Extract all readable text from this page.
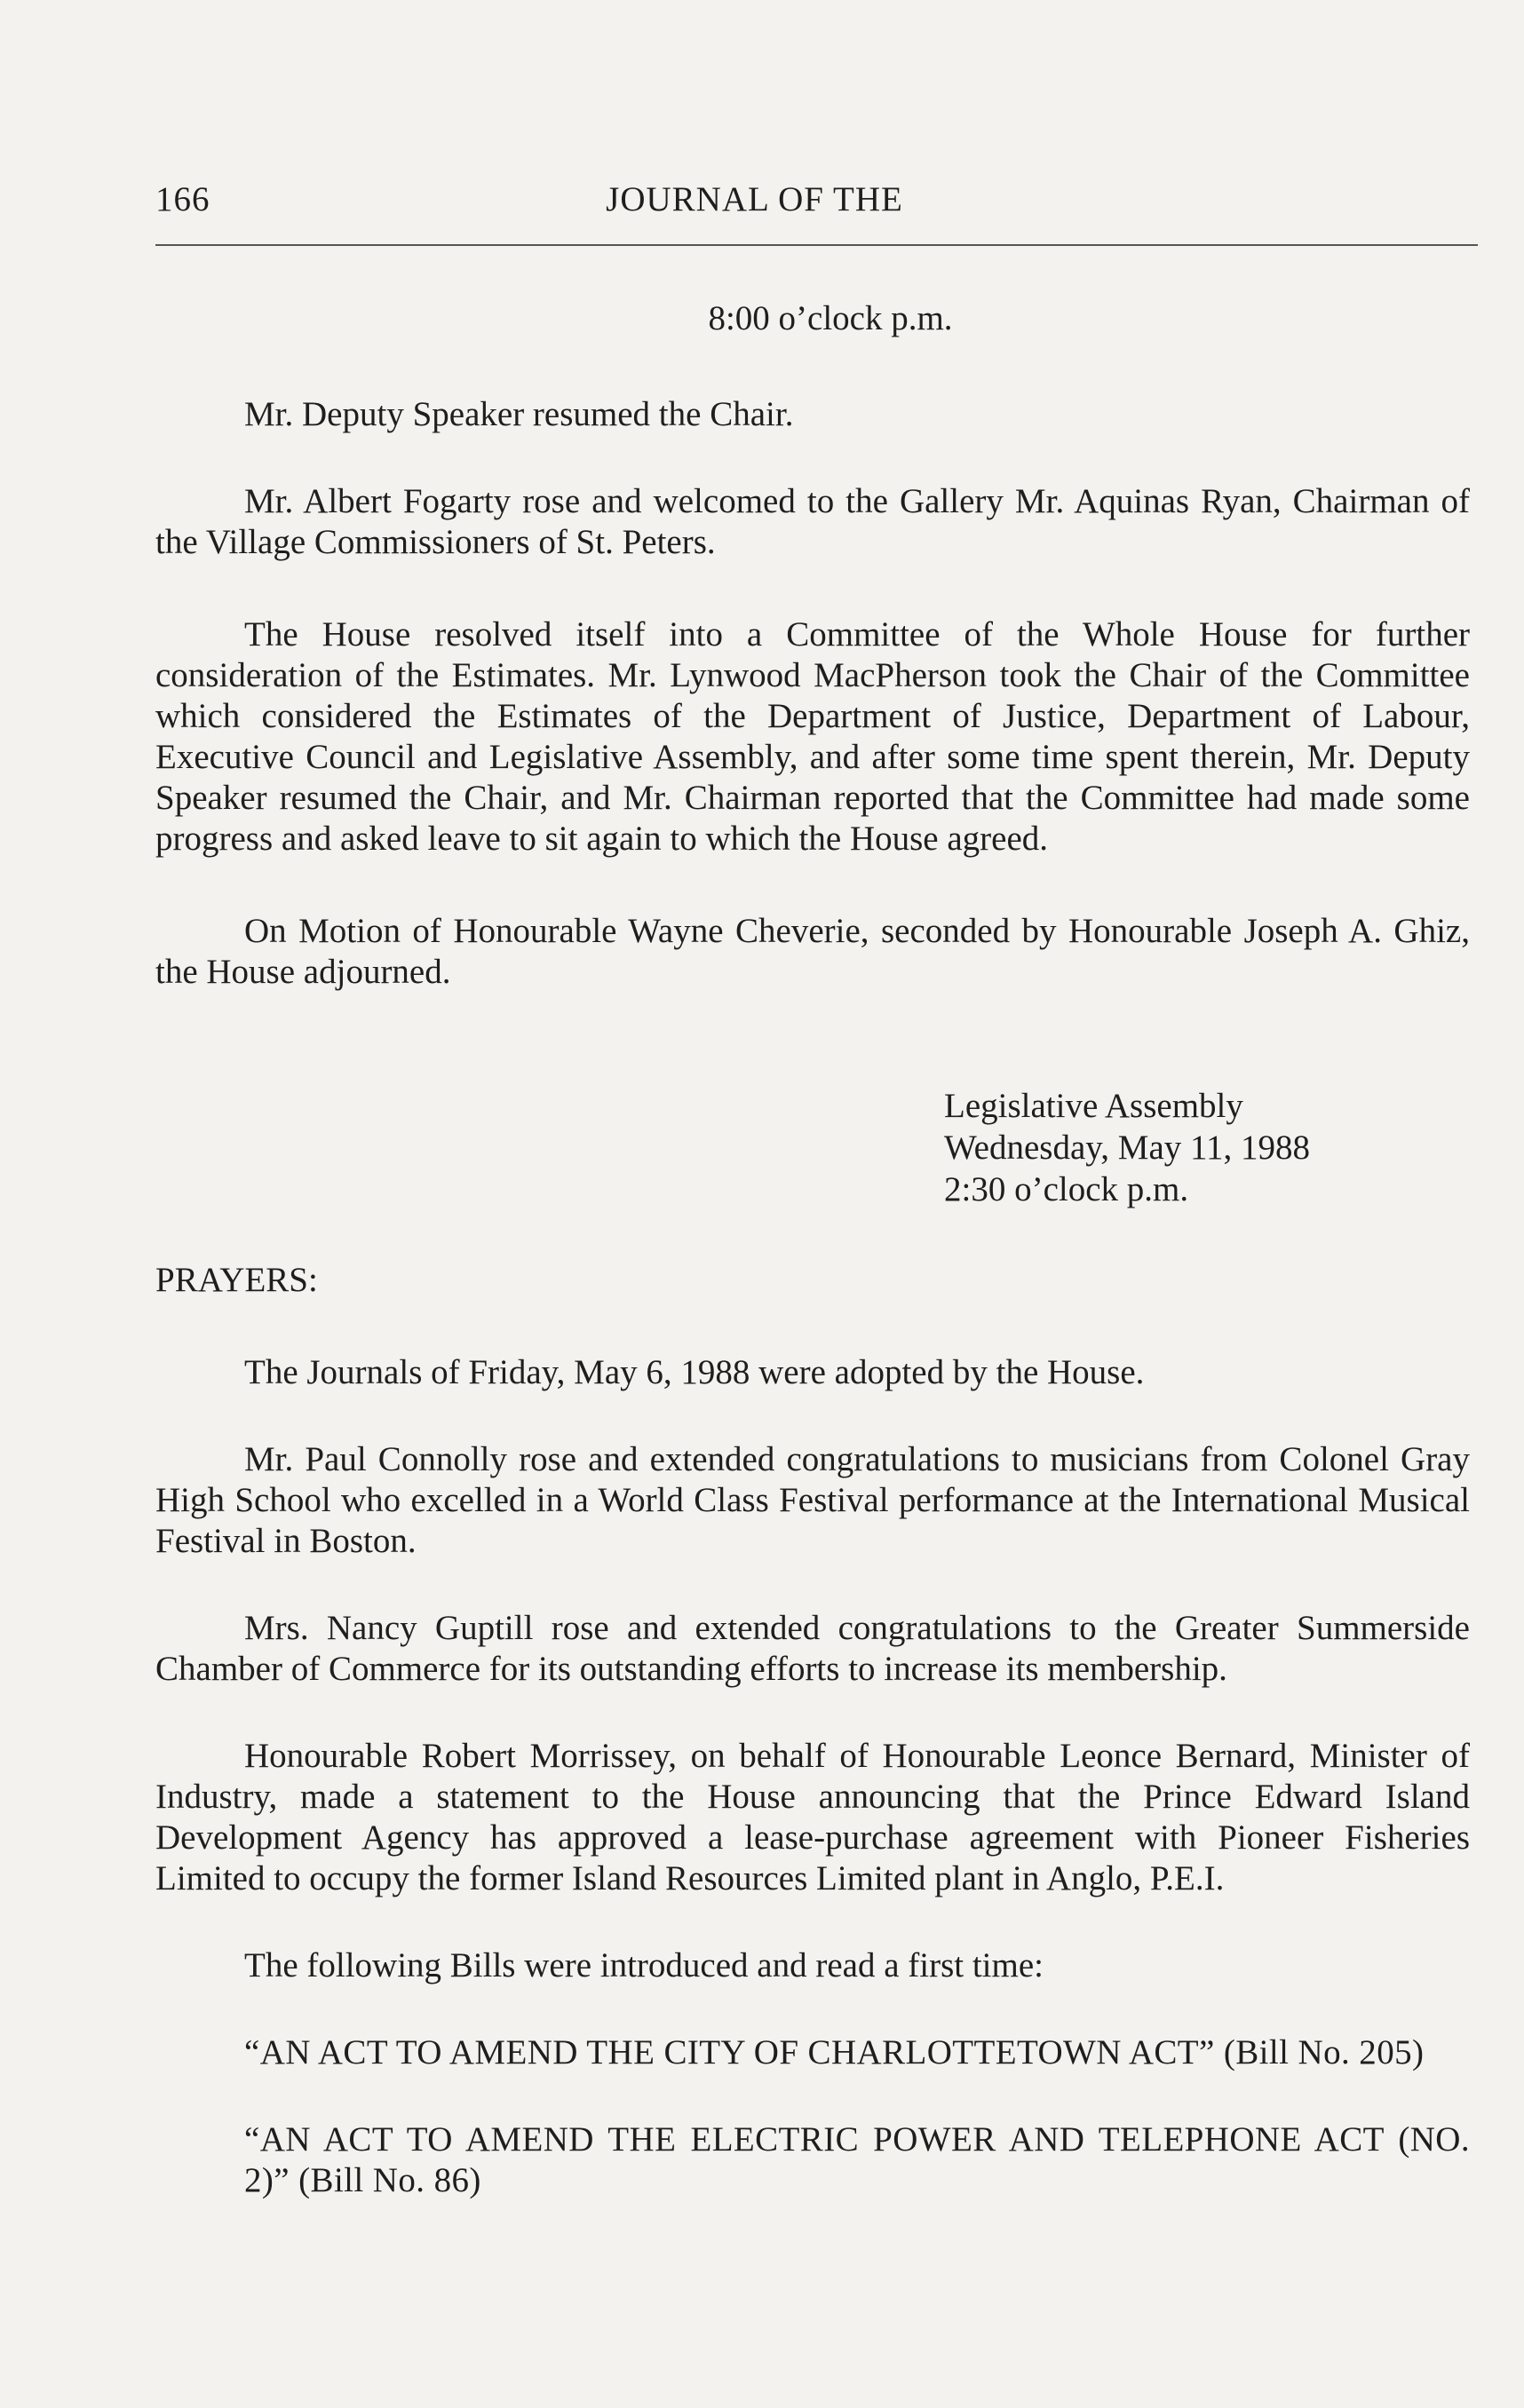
166	JOURNAL OF THE

8:00 o’clock p.m.

Mr. Deputy Speaker resumed the Chair.

Mr. Albert Fogarty rose and welcomed to the Gallery Mr. Aquinas Ryan, Chairman of the Village Commissioners of St. Peters.

The House resolved itself into a Committee of the Whole House for further consideration of the Estimates. Mr. Lynwood MacPherson took the Chair of the Committee which considered the Estimates of the Department of Justice, Department of Labour, Executive Council and Legislative Assembly, and after some time spent therein, Mr. Deputy Speaker resumed the Chair, and Mr. Chairman reported that the Committee had made some progress and asked leave to sit again to which the House agreed.

On Motion of Honourable Wayne Cheverie, seconded by Honourable Joseph A. Ghiz, the House adjourned.

Legislative Assembly
Wednesday, May 11, 1988
2:30 o’clock p.m.

PRAYERS:

The Journals of Friday, May 6, 1988 were adopted by the House.

Mr. Paul Connolly rose and extended congratulations to musicians from Colonel Gray High School who excelled in a World Class Festival performance at the International Musical Festival in Boston.

Mrs. Nancy Guptill rose and extended congratulations to the Greater Summerside Chamber of Commerce for its outstanding efforts to increase its membership.

Honourable Robert Morrissey, on behalf of Honourable Leonce Bernard, Minister of Industry, made a statement to the House announcing that the Prince Edward Island Development Agency has approved a lease-purchase agreement with Pioneer Fisheries Limited to occupy the former Island Resources Limited plant in Anglo, P.E.I.

The following Bills were introduced and read a first time:

“AN ACT TO AMEND THE CITY OF CHARLOTTETOWN ACT” (Bill No. 205)

“AN ACT TO AMEND THE ELECTRIC POWER AND TELEPHONE ACT (NO. 2)” (Bill No. 86)
